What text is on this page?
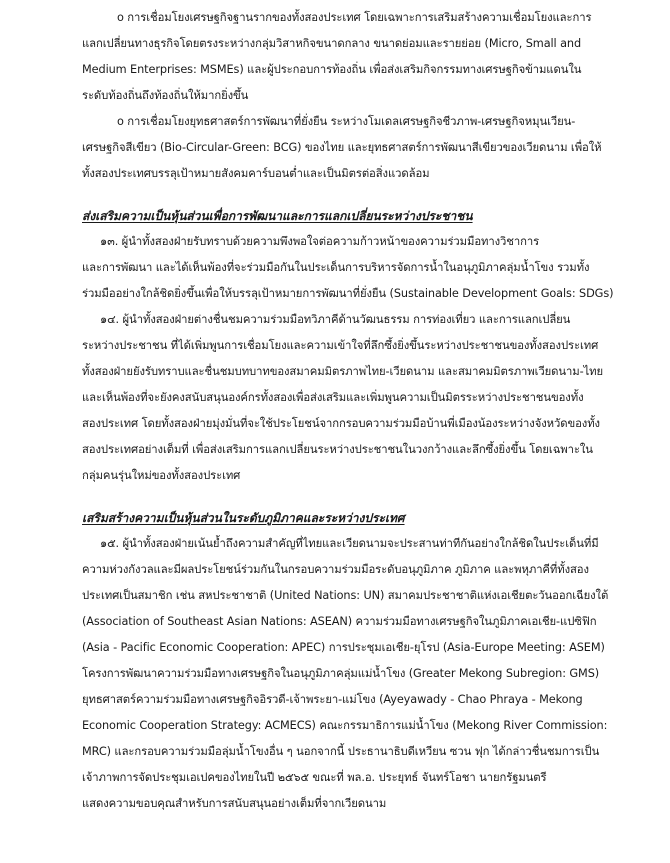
o การเชื่อมโยงเศรษฐกิจฐานรากของทั้งสองประเทศ โดยเฉพาะการเสริมสร้างความเชื่อมโยงและการ
แลกเปลี่ยนทางธุรกิจโดยตรงระหว่างกลุ่มวิสาหกิจขนาดกลาง ขนาดย่อมและรายย่อย (Micro, Small and
Medium Enterprises: MSMEs) และผู้ประกอบการท้องถิ่น เพื่อส่งเสริมกิจกรรมทางเศรษฐกิจข้ามแดนใน
ระดับท้องถิ่นถึงท้องถิ่นให้มากยิ่งขึ้น
o การเชื่อมโยงยุทธศาสตร์การพัฒนาที่ยั่งยืน ระหว่างโมเดลเศรษฐกิจชีวภาพ-เศรษฐกิจหมุนเวียน-
เศรษฐกิจสีเขียว (Bio-Circular-Green: BCG) ของไทย และยุทธศาสตร์การพัฒนาสีเขียวของเวียดนาม เพื่อให้
ทั้งสองประเทศบรรลุเป้าหมายสังคมคาร์บอนต่ำและเป็นมิตรต่อสิ่งแวดล้อม
ส่งเสริมความเป็นหุ้นส่วนเพื่อการพัฒนาและการแลกเปลี่ยนระหว่างประชาชน
๑๓. ผู้นำทั้งสองฝ่ายรับทราบด้วยความพึงพอใจต่อความก้าวหน้าของความร่วมมือทางวิชาการ
และการพัฒนา และได้เห็นพ้องที่จะร่วมมือกันในประเด็นการบริหารจัดการน้ำในอนุภูมิภาคลุ่มน้ำโขง รวมทั้ง
ร่วมมืออย่างใกล้ชิดยิ่งขึ้นเพื่อให้บรรลุเป้าหมายการพัฒนาที่ยั่งยืน (Sustainable Development Goals: SDGs)
๑๔. ผู้นำทั้งสองฝ่ายต่างชื่นชมความร่วมมือทวิภาคีด้านวัฒนธรรม การท่องเที่ยว และการแลกเปลี่ยน
ระหว่างประชาชน ที่ได้เพิ่มพูนการเชื่อมโยงและความเข้าใจที่ลึกซึ้งยิ่งขึ้นระหว่างประชาชนของทั้งสองประเทศ
ทั้งสองฝ่ายยังรับทราบและชื่นชมบทบาทของสมาคมมิตรภาพไทย-เวียดนาม และสมาคมมิตรภาพเวียดนาม-ไทย
และเห็นพ้องที่จะยังคงสนับสนุนองค์กรทั้งสองเพื่อส่งเสริมและเพิ่มพูนความเป็นมิตรระหว่างประชาชนของทั้ง
สองประเทศ โดยทั้งสองฝ่ายมุ่งมั่นที่จะใช้ประโยชน์จากกรอบความร่วมมือบ้านพี่เมืองน้องระหว่างจังหวัดของทั้ง
สองประเทศอย่างเต็มที่ เพื่อส่งเสริมการแลกเปลี่ยนระหว่างประชาชนในวงกว้างและลึกซึ้งยิ่งขึ้น โดยเฉพาะใน
กลุ่มคนรุ่นใหม่ของทั้งสองประเทศ
เสริมสร้างความเป็นหุ้นส่วนในระดับภูมิภาคและระหว่างประเทศ
๑๕. ผู้นำทั้งสองฝ่ายเน้นย้ำถึงความสำคัญที่ไทยและเวียดนามจะประสานท่าทีกันอย่างใกล้ชิดในประเด็นที่มี
ความห่วงกังวลและมีผลประโยชน์ร่วมกันในกรอบความร่วมมือระดับอนุภูมิภาค ภูมิภาค และพหุภาคีที่ทั้งสอง
ประเทศเป็นสมาชิก เช่น สหประชาชาติ (United Nations: UN) สมาคมประชาชาติแห่งเอเชียตะวันออกเฉียงใต้
(Association of Southeast Asian Nations: ASEAN) ความร่วมมือทางเศรษฐกิจในภูมิภาคเอเชีย-แปซิฟิก
(Asia - Pacific Economic Cooperation: APEC) การประชุมเอเชีย-ยุโรป (Asia-Europe Meeting: ASEM)
โครงการพัฒนาความร่วมมือทางเศรษฐกิจในอนุภูมิภาคลุ่มแม่น้ำโขง (Greater Mekong Subregion: GMS)
ยุทธศาสตร์ความร่วมมือทางเศรษฐกิจอิรวดี-เจ้าพระยา-แม่โขง (Ayeyawady - Chao Phraya - Mekong
Economic Cooperation Strategy: ACMECS) คณะกรรมาธิการแม่น้ำโขง (Mekong River Commission:
MRC) และกรอบความร่วมมือลุ่มน้ำโขงอื่น ๆ นอกจากนี้ ประธานาธิบดีเหวียน ซวน ฟุก ได้กล่าวชื่นชมการเป็น
เจ้าภาพการจัดประชุมเอเปคของไทยในปี ๒๕๖๕ ขณะที่ พล.อ. ประยุทธ์ จันทร์โอชา นายกรัฐมนตรี
แสดงความขอบคุณสำหรับการสนับสนุนอย่างเต็มที่จากเวียดนาม
